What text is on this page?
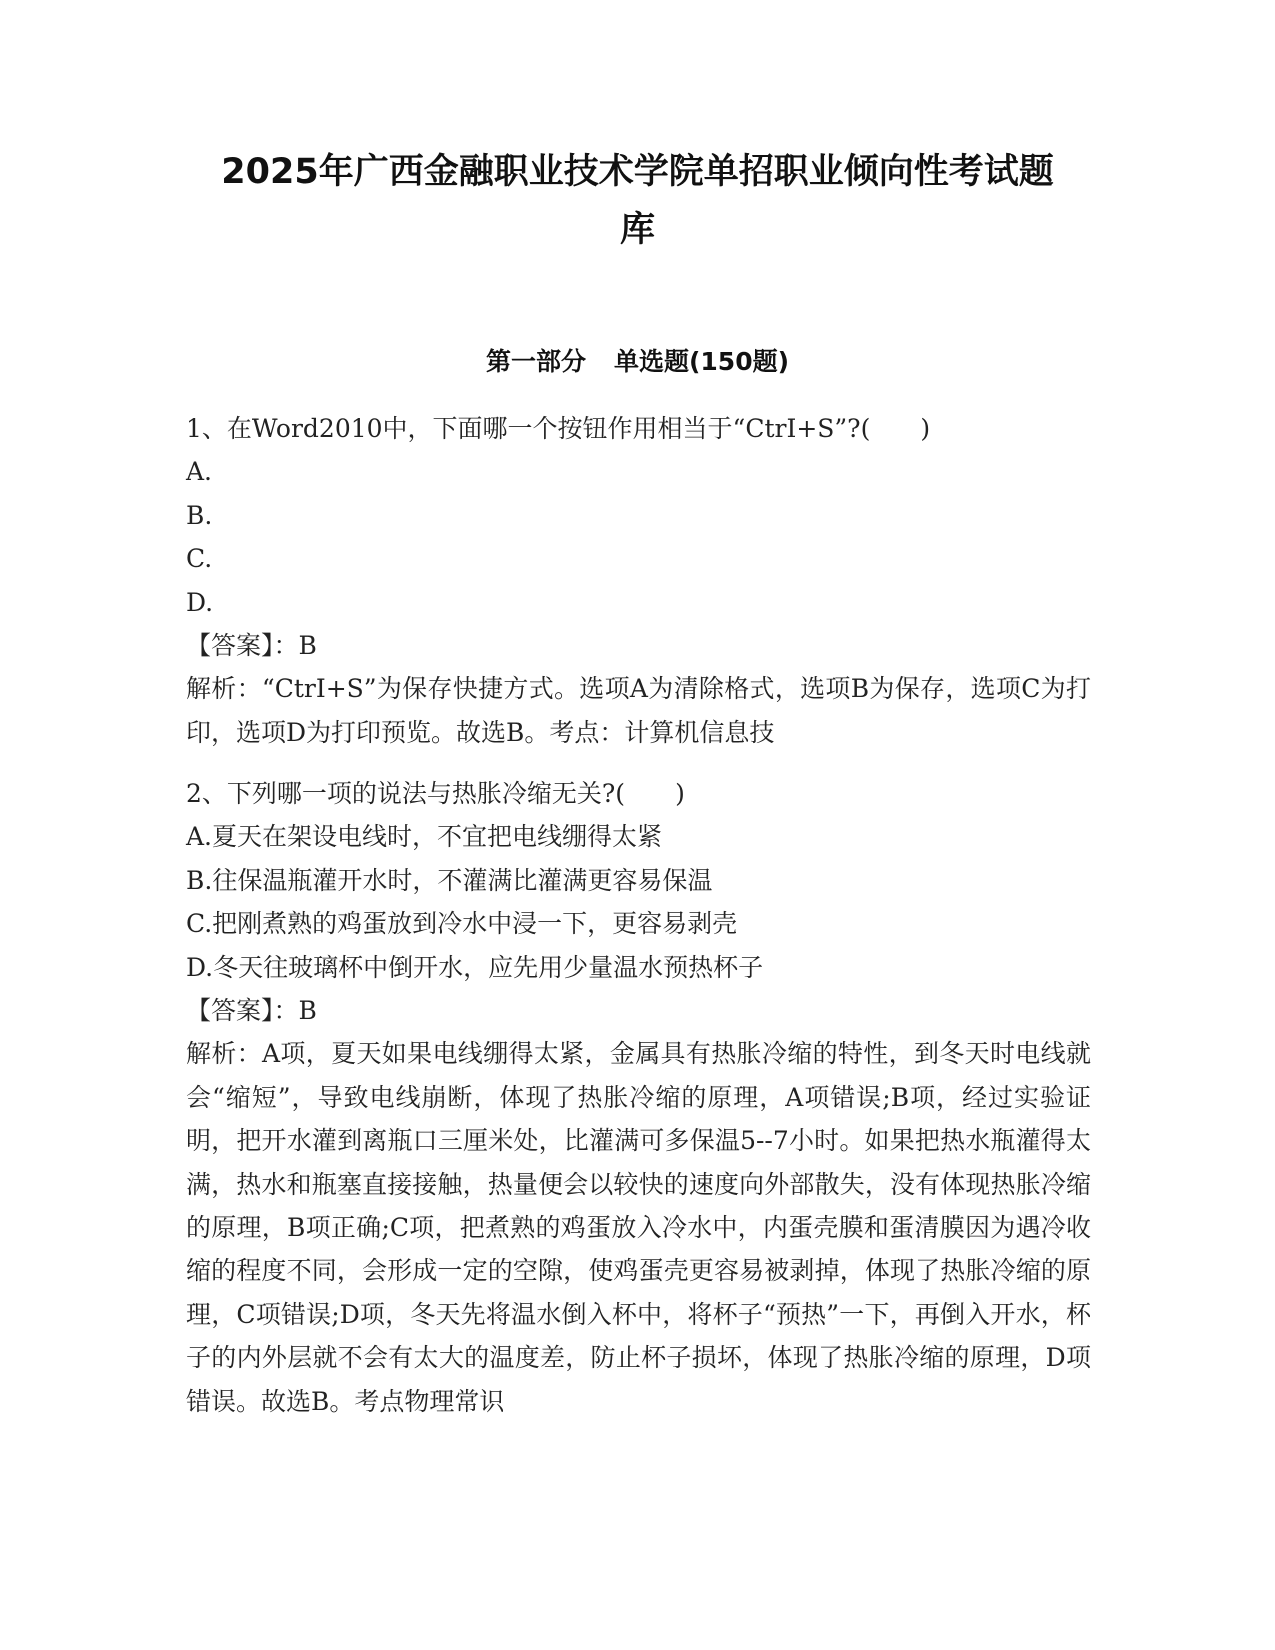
2025年广西金融职业技术学院单招职业倾向性考试题
库
第一部分 单选题(150题)
1、在Word2010中，下面哪一个按钮作用相当于“CtrI+S”?(　　)
A.
B.
C.
D.
【答案】：B
解析：“CtrI+S”为保存快捷方式。选项A为清除格式，选项B为保存，选项C为打印，选项D为打印预览。故选B。考点：计算机信息技
2、下列哪一项的说法与热胀冷缩无关?(　　)
A.夏天在架设电线时，不宜把电线绷得太紧
B.往保温瓶灌开水时，不灌满比灌满更容易保温
C.把刚煮熟的鸡蛋放到冷水中浸一下，更容易剥壳
D.冬天往玻璃杯中倒开水，应先用少量温水预热杯子
【答案】：B
解析：A项，夏天如果电线绷得太紧，金属具有热胀冷缩的特性，到冬天时电线就会“缩短”，导致电线崩断，体现了热胀冷缩的原理，A项错误;B项，经过实验证明，把开水灌到离瓶口三厘米处，比灌满可多保温5--7小时。如果把热水瓶灌得太满，热水和瓶塞直接接触，热量便会以较快的速度向外部散失，没有体现热胀冷缩的原理，B项正确;C项，把煮熟的鸡蛋放入冷水中，内蛋壳膜和蛋清膜因为遇冷收缩的程度不同，会形成一定的空隙，使鸡蛋壳更容易被剥掉，体现了热胀冷缩的原理，C项错误;D项，冬天先将温水倒入杯中，将杯子“预热”一下，再倒入开水，杯子的内外层就不会有太大的温度差，防止杯子损坏，体现了热胀冷缩的原理，D项错误。故选B。考点物理常识
